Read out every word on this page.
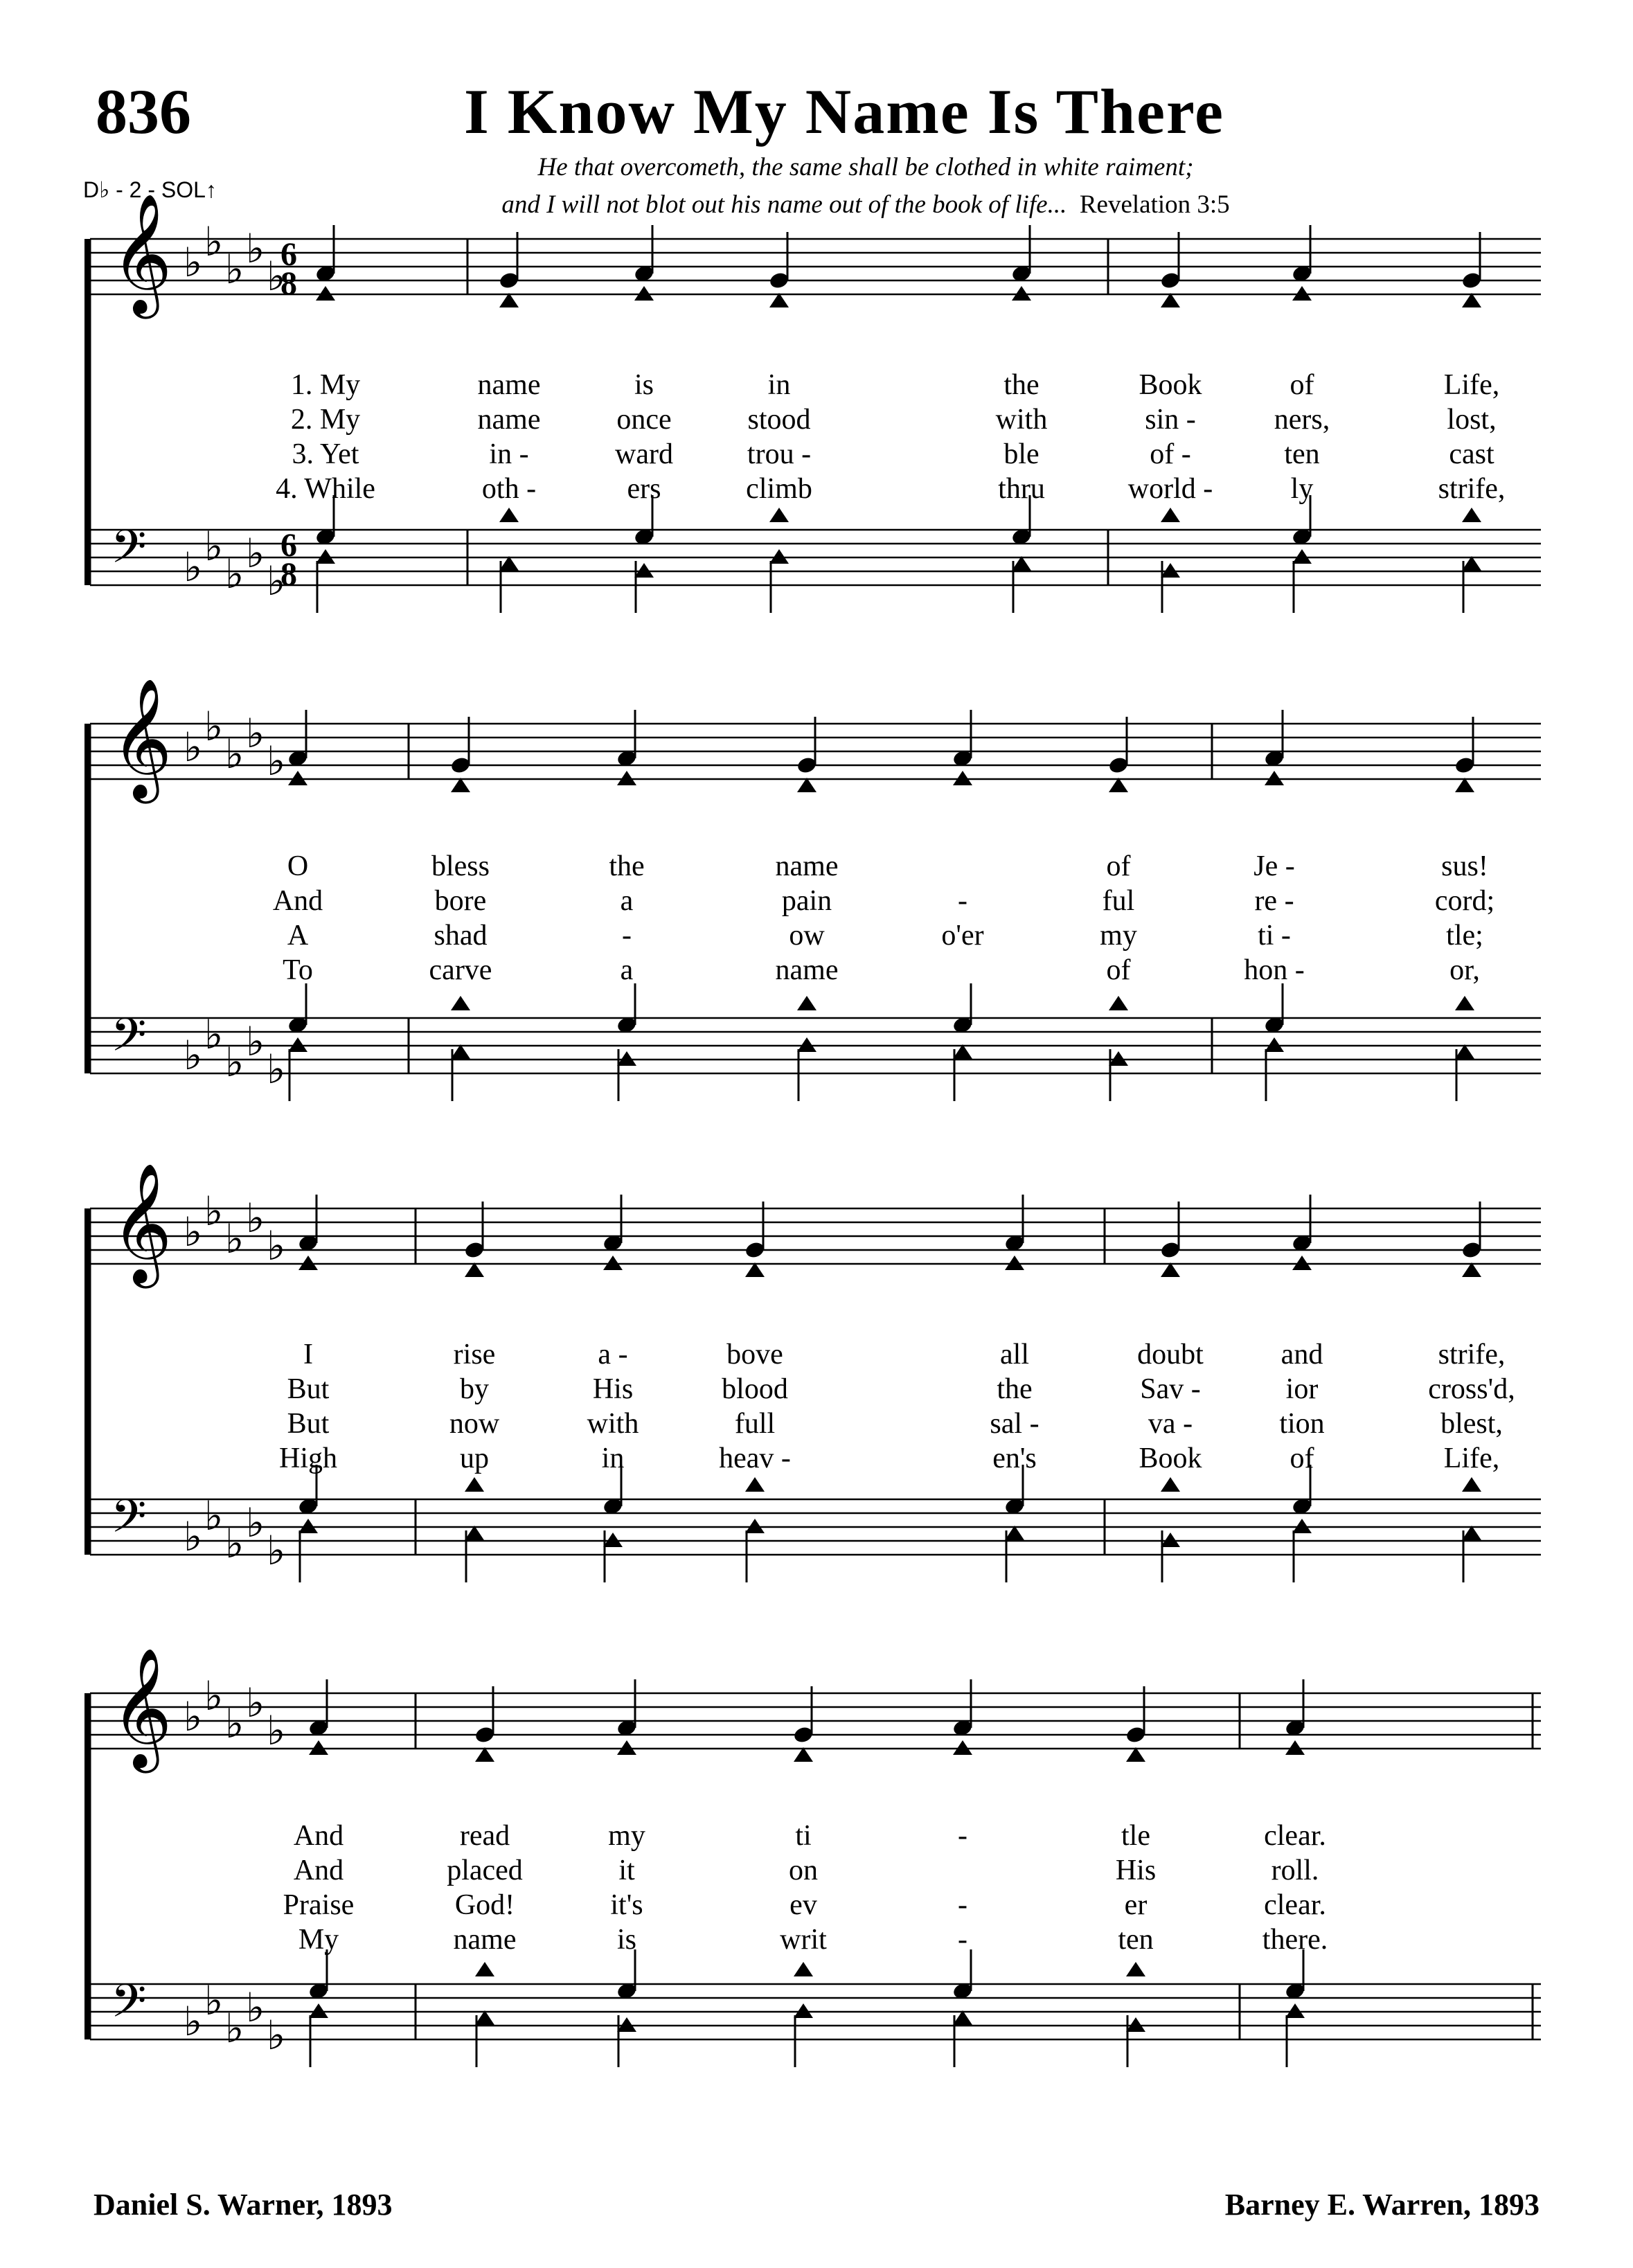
836	I Know My Name Is There
He that overcometh, the same shall be clothed in white raiment;
and I will not blot out his name out of the book of life... Revelation 3:5
D♭ - 2 - SOL↑
𝄞
𝄢
♭ ♭
♭ ♭
♭
♭ ♭
♭ ♭
♭
6
8
6
8
𝄞
𝄢
♭ ♭
♭ ♭
♭
♭ ♭
♭ ♭
♭
𝄞
𝄢
♭ ♭
♭ ♭
♭
♭ ♭
♭ ♭
♭
𝄞
𝄢
♭ ♭
♭ ♭
♭
♭ ♭
♭ ♭
♭
1. My	name	is	in	the	Book	of	Life,
2. My	name	once	stood	with	sin -	ners,	lost,
3. Yet	in -	ward	trou -	ble	of -	ten	cast
4. While	oth -	ers	climb	thru	world -	ly	strife,
O	bless	the	name	of	Je -	sus!
And	bore	a	pain	-	ful	re -	cord;
A	shad	-	ow	o'er	my	ti -	tle;
To	carve	a	name	of	hon -	or,
I	rise	a -	bove	all	doubt	and	strife,
But	by	His	blood	the	Sav -	ior	cross'd,
But	now	with	full	sal -	va -	tion	blest,
High	up	in	heav -	en's	Book	of	Life,
And	read	my	ti	-	tle	clear.
And	placed	it	on	His	roll.
Praise	God!	it's	ev	-	er	clear.
My	name	is	writ	-	ten	there.
Daniel S. Warner, 1893	Barney E. Warren, 1893
